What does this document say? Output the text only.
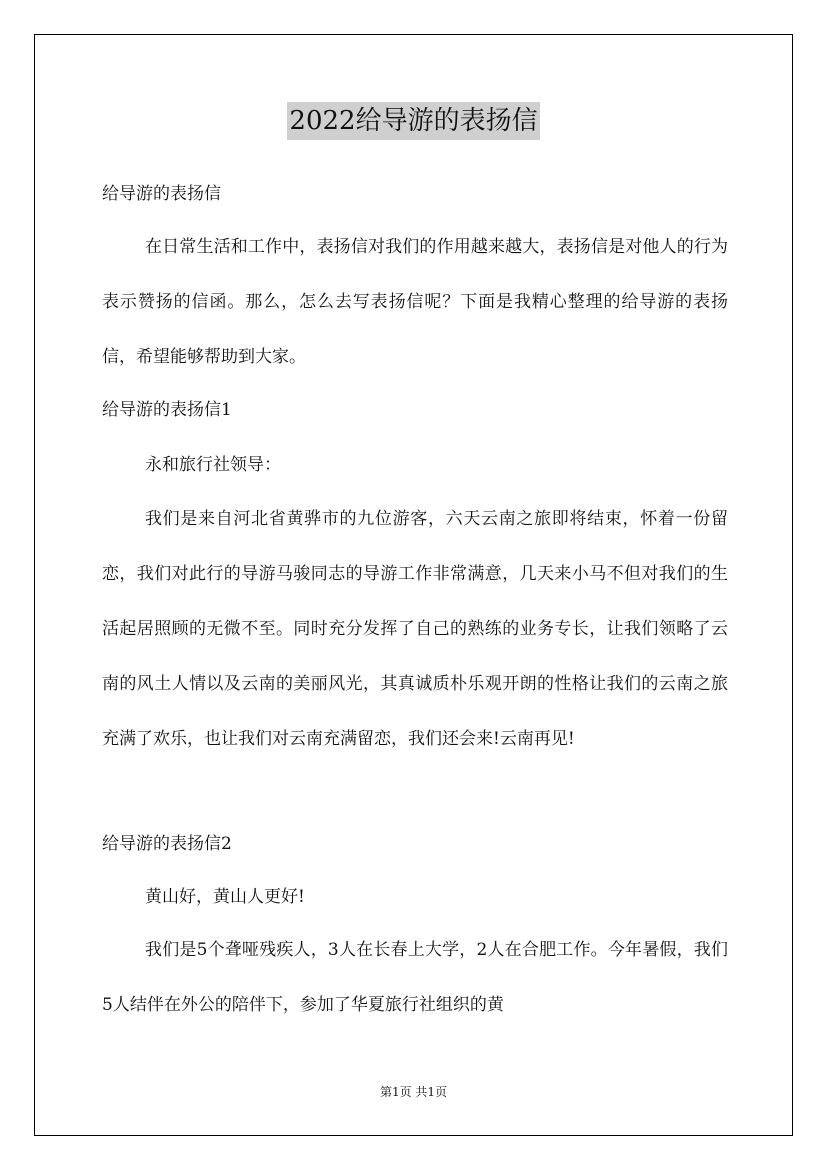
2022给导游的表扬信
给导游的表扬信

在日常生活和工作中，表扬信对我们的作用越来越大，表扬信是对他人的行为表示赞扬的信函。那么，怎么去写表扬信呢？下面是我精心整理的给导游的表扬信，希望能够帮助到大家。

给导游的表扬信1
永和旅行社领导：

我们是来自河北省黄骅市的九位游客，六天云南之旅即将结束，怀着一份留恋，我们对此行的导游马骏同志的导游工作非常满意，几天来小马不但对我们的生活起居照顾的无微不至。同时充分发挥了自己的熟练的业务专长，让我们领略了云南的风土人情以及云南的美丽风光，其真诚质朴乐观开朗的性格让我们的云南之旅充满了欢乐，也让我们对云南充满留恋，我们还会来!云南再见!

给导游的表扬信2
黄山好，黄山人更好!

我们是5个聋哑残疾人，3人在长春上大学，2人在合肥工作。今年暑假，我们5人结伴在外公的陪伴下，参加了华夏旅行社组织的黄

第1页 共1页
